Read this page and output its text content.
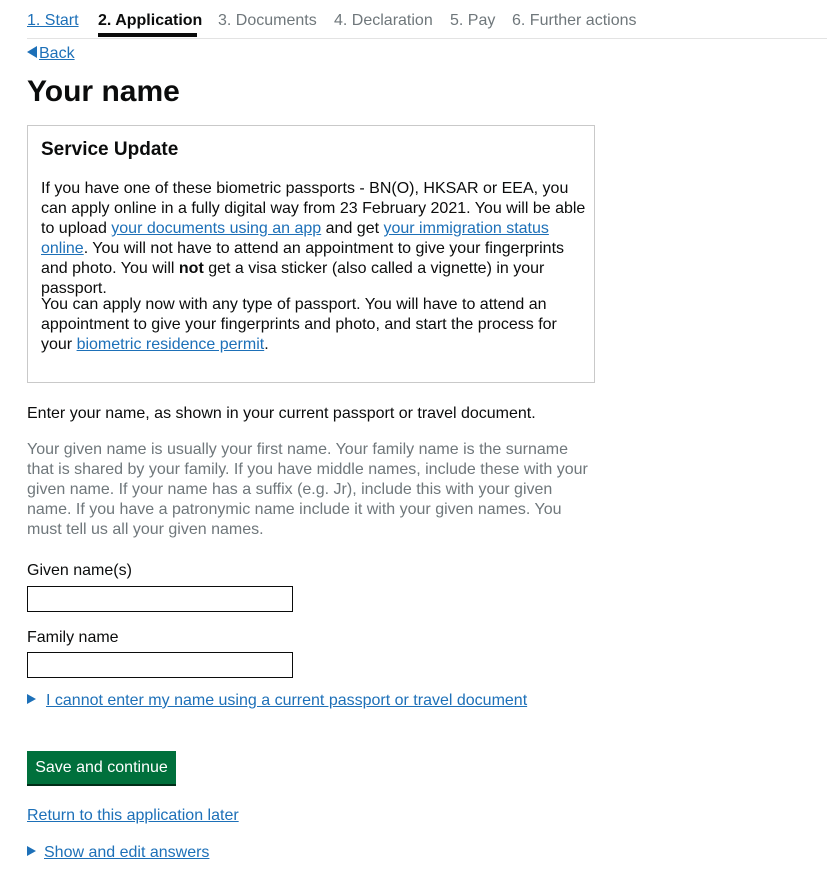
1. Start 2. Application 3. Documents 4. Declaration 5. Pay 6. Further actions
Back
Your name
Service Update

If you have one of these biometric passports - BN(O), HKSAR or EEA, you can apply online in a fully digital way from 23 February 2021. You will be able to upload your documents using an app and get your immigration status online. You will not have to attend an appointment to give your fingerprints and photo. You will not get a visa sticker (also called a vignette) in your passport.

You can apply now with any type of passport. You will have to attend an appointment to give your fingerprints and photo, and start the process for your biometric residence permit.

Enter your name, as shown in your current passport or travel document.

Your given name is usually your first name. Your family name is the surname that is shared by your family. If you have middle names, include these with your given name. If your name has a suffix (e.g. Jr), include this with your given name. If you have a patronymic name include it with your given names. You must tell us all your given names.

Given name(s)
Family name
I cannot enter my name using a current passport or travel document
Save and continue
Return to this application later
Show and edit answers
